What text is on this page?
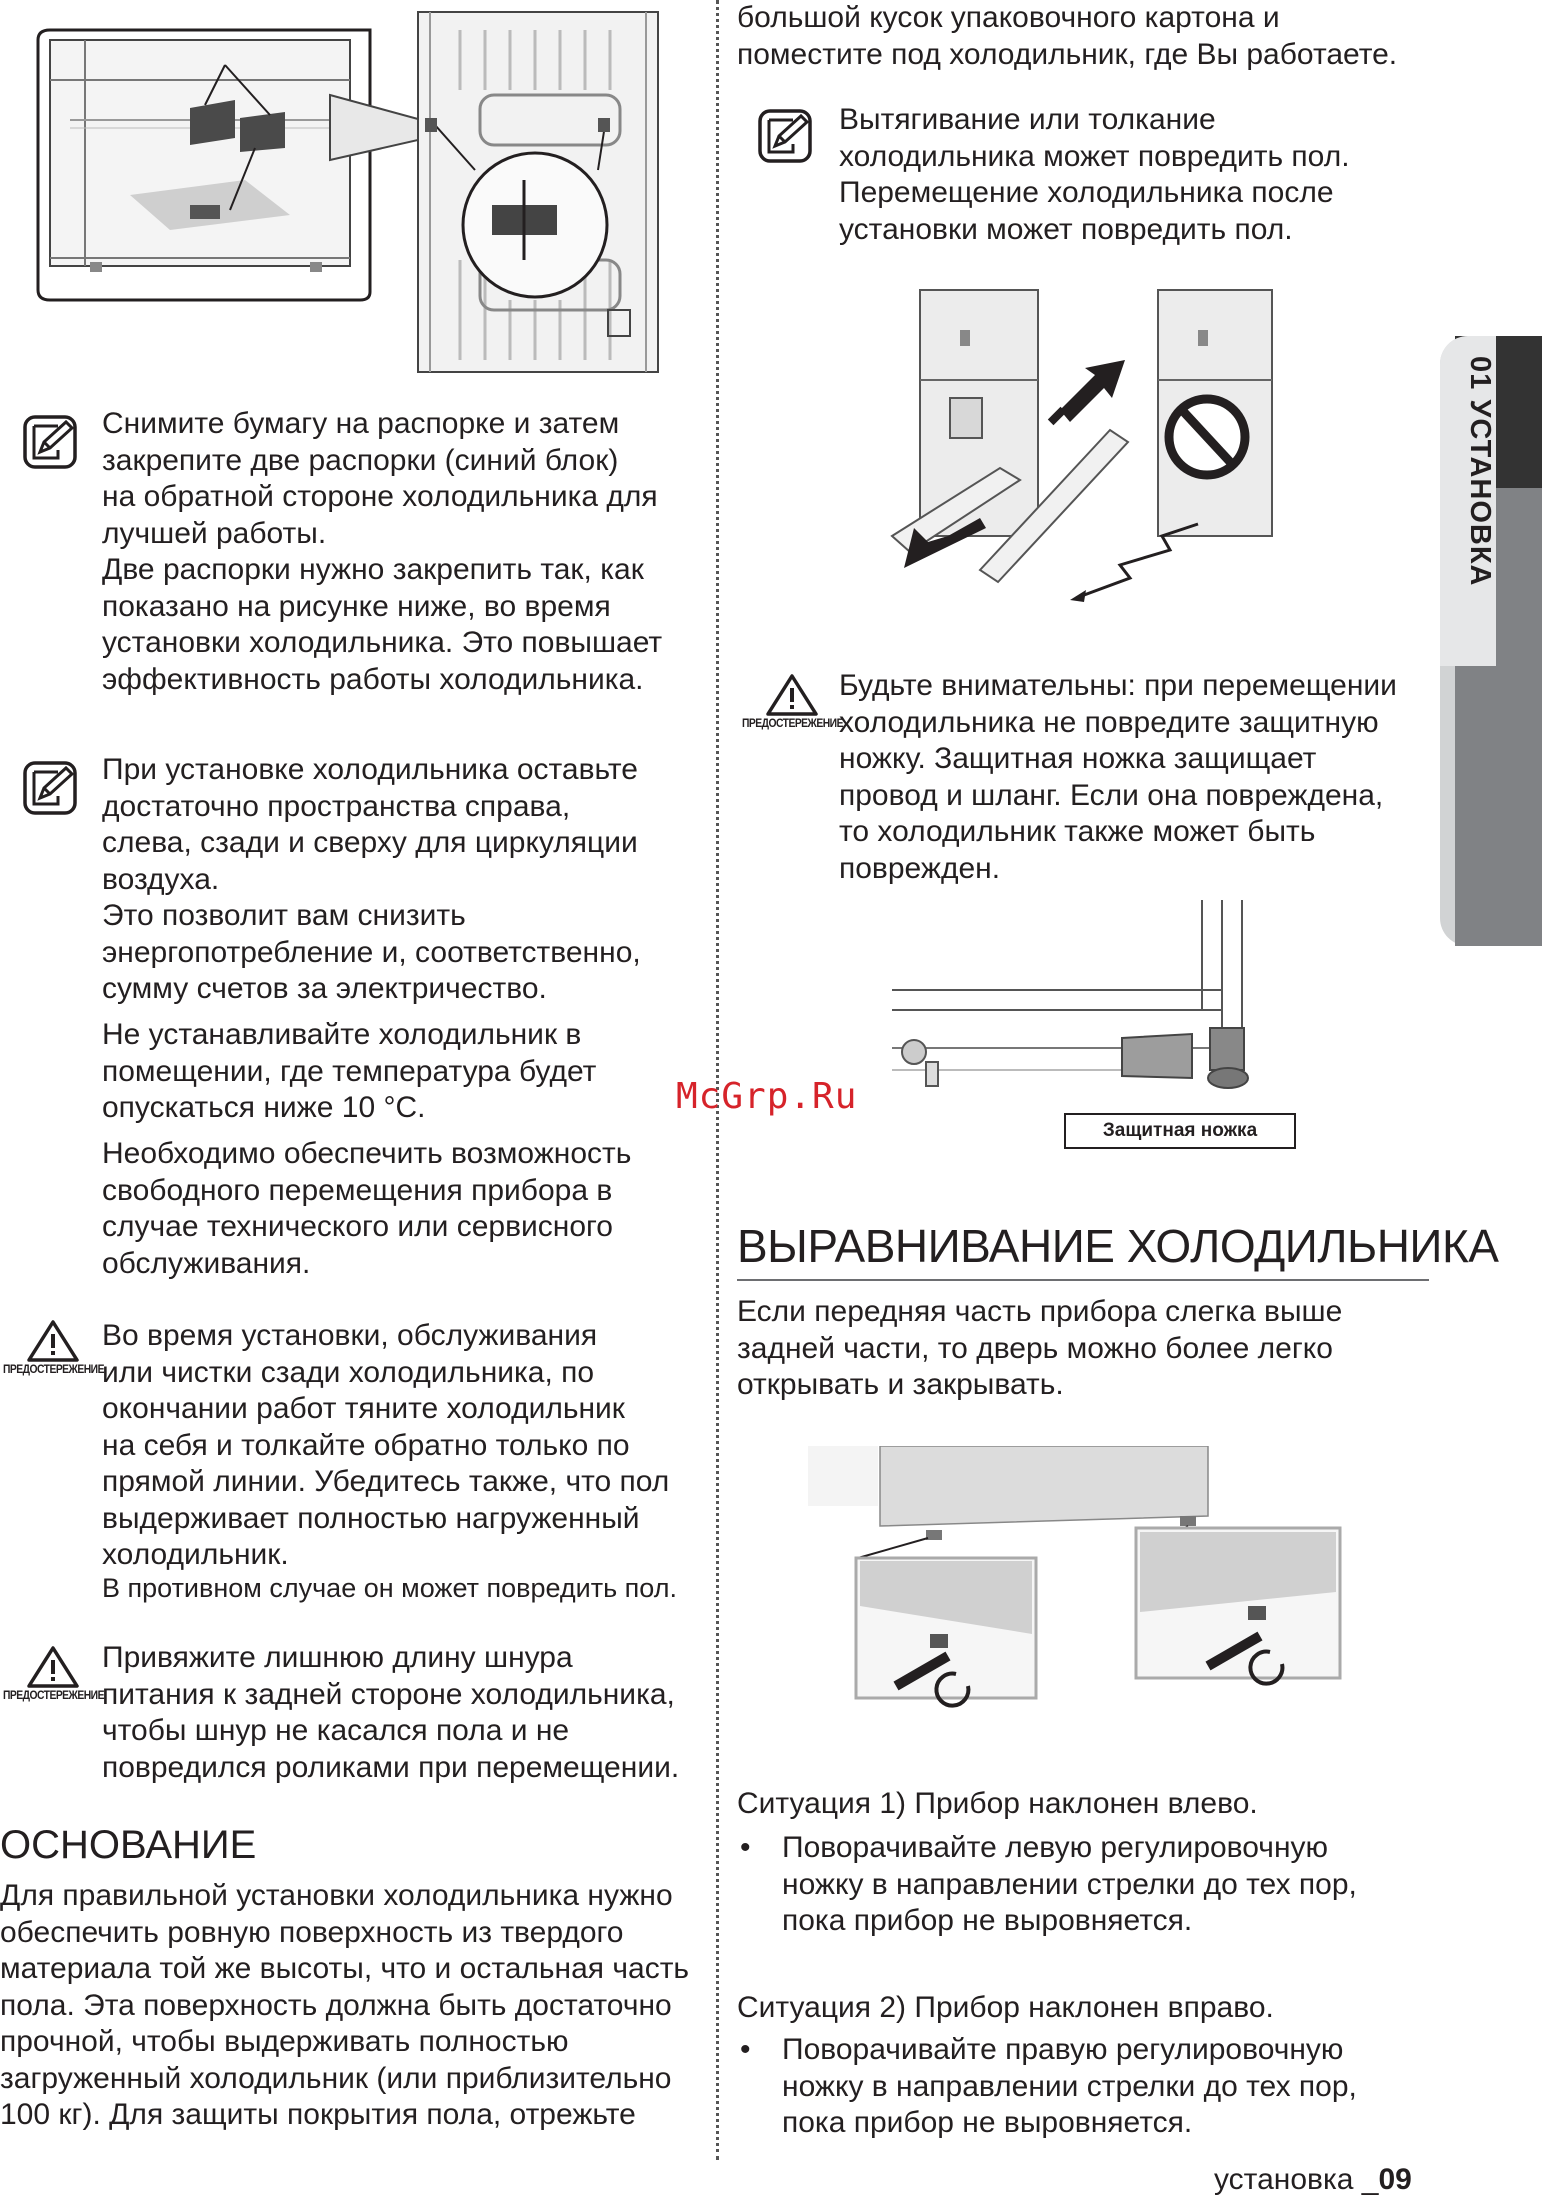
Снимите бумагу на распорке и затем
закрепите две распорки (синий блок)
на обратной стороне холодильника для
лучшей работы.
Две распорки нужно закрепить так, как
показано на рисунке ниже, во время
установки холодильника. Это повышает
эффективность работы холодильника.
При установке холодильника оставьте
достаточно пространства справа,
слева, сзади и сверху для циркуляции
воздуха.
Это позволит вам снизить
энергопотребление и, соответственно,
сумму счетов за электричество.
Не устанавливайте холодильник в
помещении, где температура будет
опускаться ниже 10 °C.
Необходимо обеспечить возможность
свободного перемещения прибора в
случае технического или сервисного
обслуживания.
ПРЕДОСТЕРЕЖЕНИЕ
Во время установки, обслуживания
или чистки сзади холодильника, по
окончании работ тяните холодильник
на себя и толкайте обратно только по
прямой линии. Убедитесь также, что пол
выдерживает полностью нагруженный
холодильник.
В противном случае он может повредить пол.
ПРЕДОСТЕРЕЖЕНИЕ
Привяжите лишнюю длину шнура
питания к задней стороне холодильника,
чтобы шнур не касался пола и не
повредился роликами при перемещении.
ОСНОВАНИЕ
Для правильной установки холодильника нужно
обеспечить ровную поверхность из твердого
материала той же высоты, что и остальная часть
пола. Эта поверхность должна быть достаточно
прочной, чтобы выдерживать полностью
загруженный холодильник (или приблизительно
100 кг). Для защиты покрытия пола, отрежьте
большой кусок упаковочного картона и
поместите под холодильник, где Вы работаете.
Вытягивание или толкание
холодильника может повредить пол.
Перемещение холодильника после
установки может повредить пол.
ПРЕДОСТЕРЕЖЕНИЕ
Будьте внимательны: при перемещении
холодильника не повредите защитную
ножку. Защитная ножка защищает
провод и шланг. Если она повреждена,
то холодильник также может быть
поврежден.
Защитная ножка
ВЫРАВНИВАНИЕ ХОЛОДИЛЬНИКА
Если передняя часть прибора слегка выше
задней части, то дверь можно более легко
открывать и закрывать.
Ситуация 1) Прибор наклонен влево.
• Поворачивайте левую регулировочную
ножку в направлении стрелки до тех пор,
пока прибор не выровняется.
Ситуация 2) Прибор наклонен вправо.
• Поворачивайте правую регулировочную
ножку в направлении стрелки до тех пор,
пока прибор не выровняется.
01 УСТАНОВКА
McGrp.Ru
установка _09
